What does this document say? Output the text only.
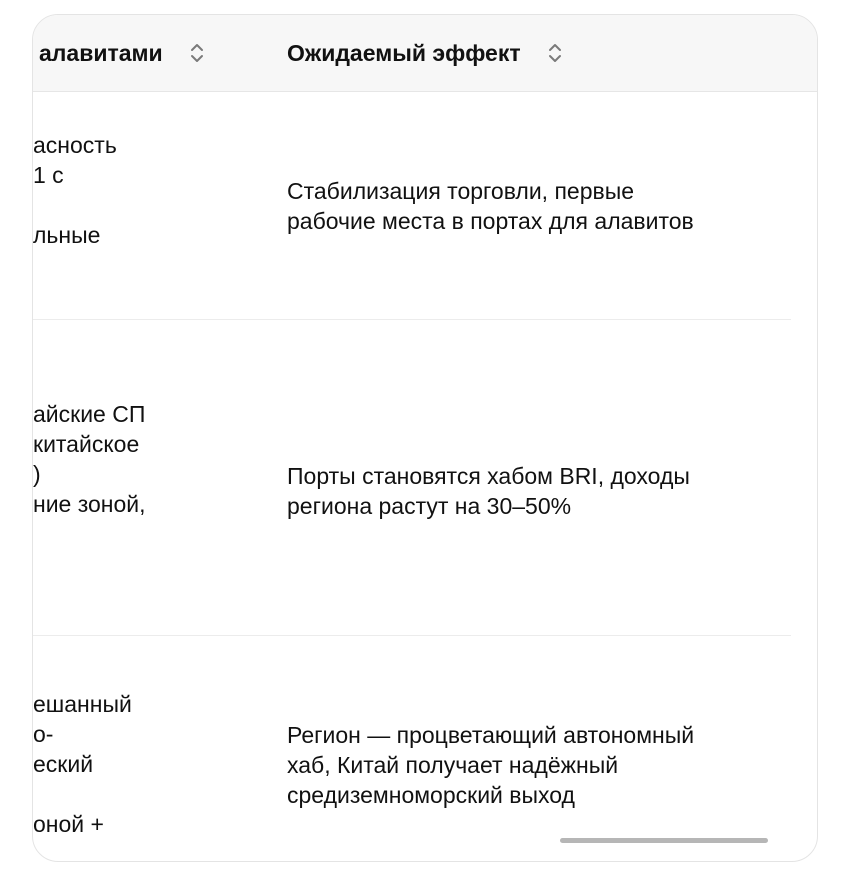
алавитами	Ожидаемый эффект
асность
1 с
льные
Стабилизация торговли, первые
рабочие места в портах для алавитов
айские СП
китайское
)
ние зоной,
Порты становятся хабом BRI, доходы
региона растут на 30–50%
ешанный
о-
еский
оной +
Регион — процветающий автономный
хаб, Китай получает надёжный
средиземноморский выход
